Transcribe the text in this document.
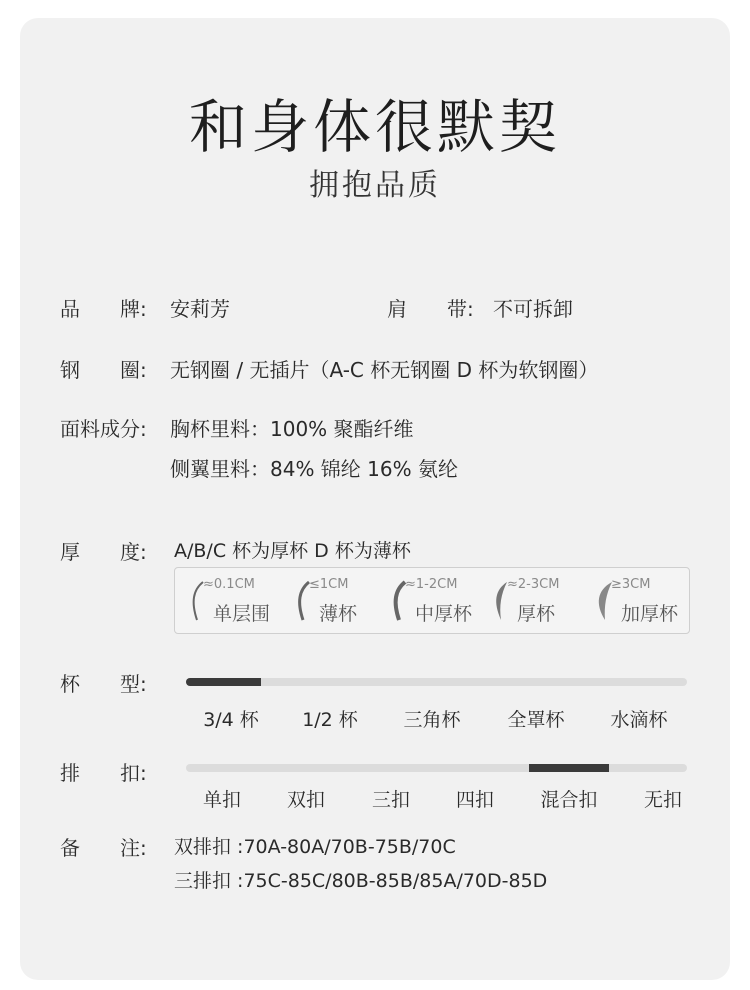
和身体很默契
拥抱品质
品　　牌: 安莉芳	肩　　带: 不可拆卸
钢　　圈: 无钢圈 / 无插片（A-C 杯无钢圈 D 杯为软钢圈）
面料成分: 胸杯里料：100% 聚酯纤维
侧翼里料：84% 锦纶 16% 氨纶
厚　　度: A/B/C 杯为厚杯 D 杯为薄杯
≈0.1CM
单层围
≤1CM
薄杯
≈1-2CM
中厚杯
≈2-3CM
厚杯
≥3CM
加厚杯
杯　　型:
3/4 杯 1/2 杯 三角杯 全罩杯 水滴杯
排　　扣:
单扣 双扣 三扣 四扣 混合扣 无扣
备　　注: 双排扣 :70A-80A/70B-75B/70C
三排扣 :75C-85C/80B-85B/85A/70D-85D
